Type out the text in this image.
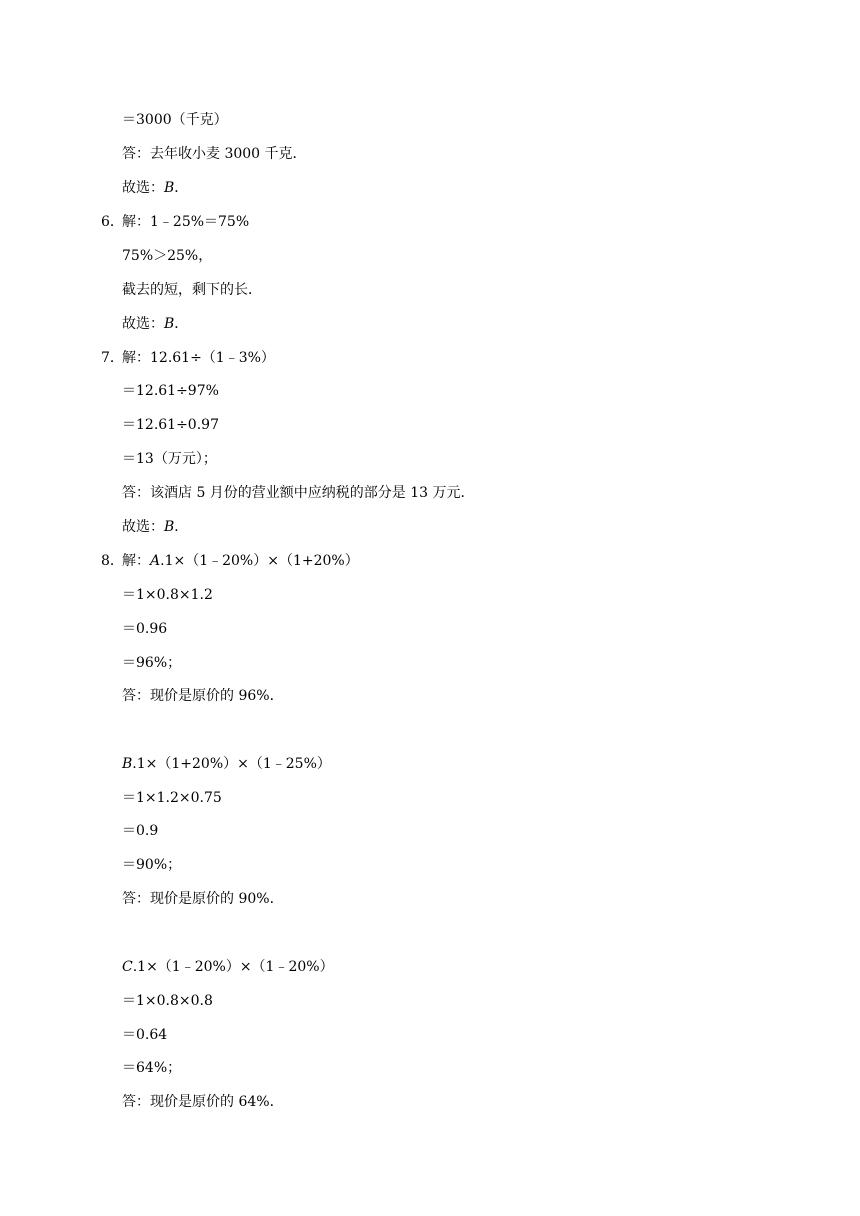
＝3000（千克）
答：去年收小麦 3000 千克．
故选：B．
6．
解：1﹣25%＝75%
75%＞25%，
截去的短，剩下的长．
故选：B．
7．
解：12.61÷（1﹣3%）
＝12.61÷97%
＝12.61÷0.97
＝13（万元）；
答：该酒店 5 月份的营业额中应纳税的部分是 13 万元．
故选：B．
8．
解：A.1×（1﹣20%）×（1+20%）
＝1×0.8×1.2
＝0.96
＝96%；
答：现价是原价的 96%．
B.1×（1+20%）×（1﹣25%）
＝1×1.2×0.75
＝0.9
＝90%；
答：现价是原价的 90%．
C.1×（1﹣20%）×（1﹣20%）
＝1×0.8×0.8
＝0.64
＝64%；
答：现价是原价的 64%．
